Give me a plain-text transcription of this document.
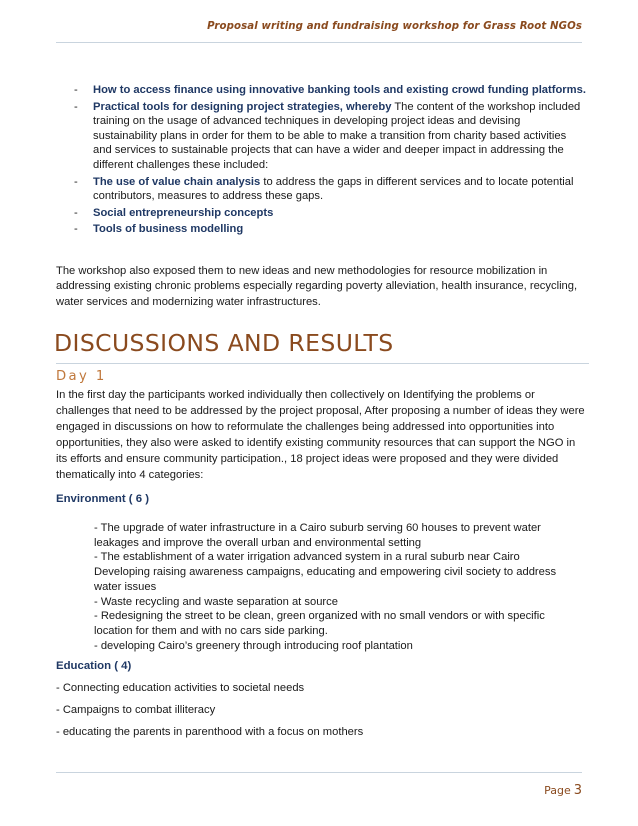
Proposal writing and fundraising workshop for Grass Root NGOs
-	How to access finance using innovative banking tools and existing crowd funding platforms.
-	Practical tools for designing project strategies, whereby The content of the workshop included training on the usage of advanced techniques in developing project ideas and devising sustainability plans in order for them to be able to make a transition from charity based activities and services to sustainable projects that can have a wider and deeper impact in addressing the different challenges these included:
-	The use of value chain analysis to address the gaps in different services and to locate potential contributors, measures to address these gaps.
-	Social entrepreneurship concepts
-	Tools of business modelling
The workshop also exposed them to new ideas and new methodologies for resource mobilization in addressing existing chronic problems especially regarding poverty alleviation, health insurance, recycling, water services and modernizing water infrastructures.
DISCUSSIONS AND RESULTS
Day 1
In the first day the participants worked individually then collectively on Identifying the problems or challenges that need to be addressed by the project proposal, After proposing a number of ideas they were engaged in discussions on how to reformulate the challenges being addressed into opportunities into opportunities, they also were asked to identify existing community resources that can support the NGO in its efforts and ensure community participation., 18 project ideas were proposed and they were divided thematically into 4 categories:
Environment ( 6 )
- The upgrade of water infrastructure in a Cairo suburb serving 60 houses to prevent water leakages and improve the overall urban and environmental setting
- The establishment of a water irrigation advanced system in a rural suburb near Cairo Developing raising awareness campaigns, educating and empowering civil society to address water issues
- Waste recycling and waste separation at source
- Redesigning the street to be clean, green organized with no small vendors or with specific location for them and with no cars side parking.
- developing Cairo’s greenery through introducing roof plantation
Education ( 4)
- Connecting education activities to societal needs
- Campaigns to combat illiteracy
- educating the parents in parenthood with a focus on mothers
Page 3
